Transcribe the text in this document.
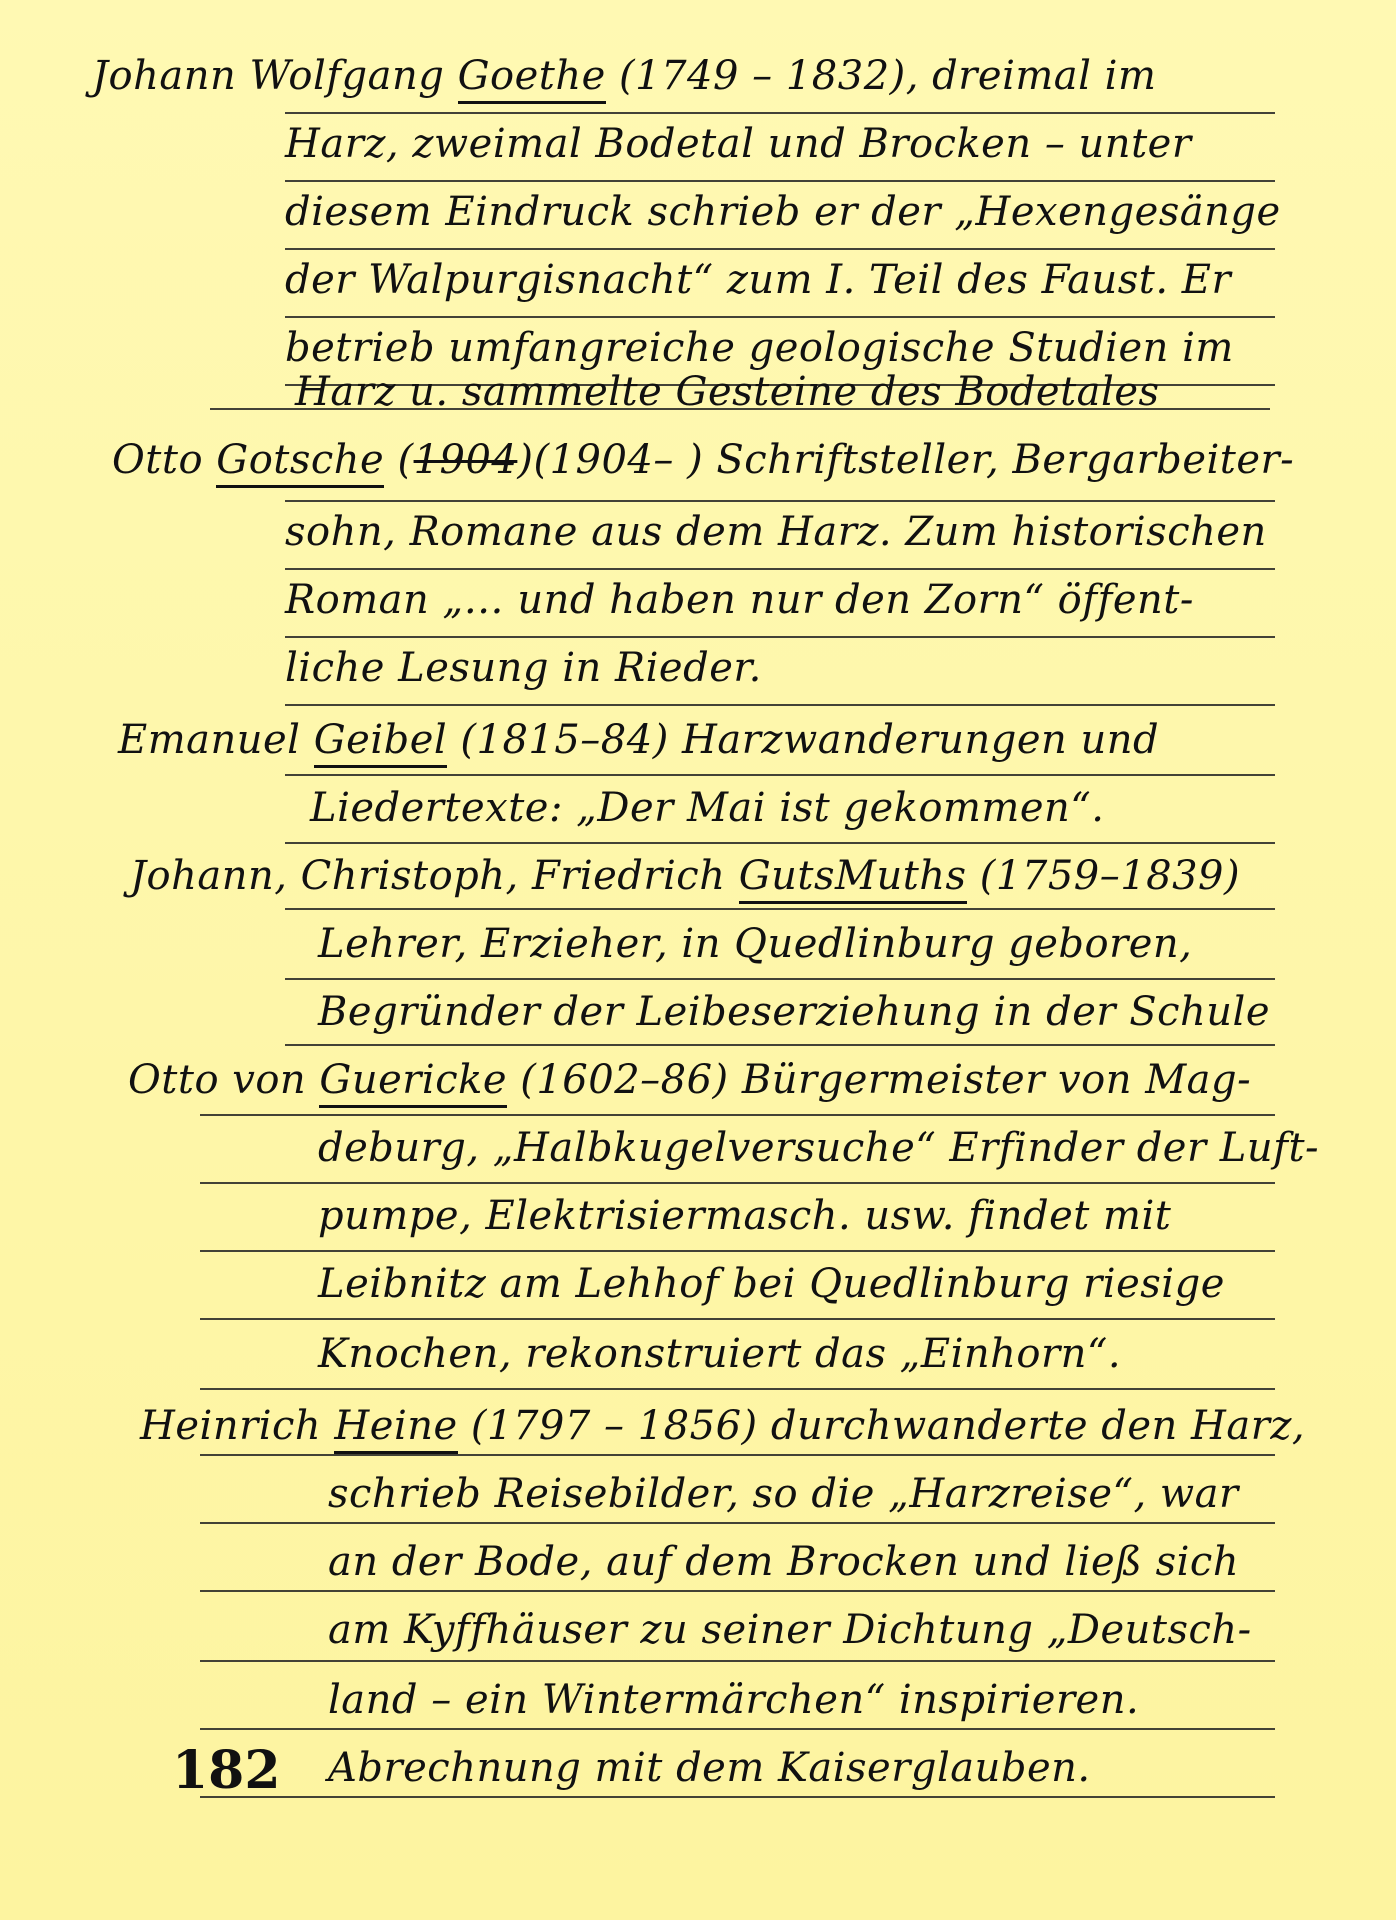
Johann Wolfgang Goethe (1749 – 1832), dreimal im
Harz, zweimal Bodetal und Brocken – unter
diesem Eindruck schrieb er der „Hexengesänge
der Walpurgisnacht“ zum I. Teil des Faust. Er
betrieb umfangreiche geologische Studien im
Harz u. sammelte Gesteine des Bodetales
Otto Gotsche (1904)(1904– ) Schriftsteller, Bergarbeiter-
sohn, Romane aus dem Harz. Zum historischen
Roman „… und haben nur den Zorn“ öffent-
liche Lesung in Rieder.
Emanuel Geibel (1815–84) Harzwanderungen und
Liedertexte: „Der Mai ist gekommen“.
Johann, Christoph, Friedrich GutsMuths (1759–1839)
Lehrer, Erzieher, in Quedlinburg geboren,
Begründer der Leibeserziehung in der Schule
Otto von Guericke (1602–86) Bürgermeister von Mag-
deburg, „Halbkugelversuche“ Erfinder der Luft-
pumpe, Elektrisiermasch. usw. findet mit
Leibnitz am Lehhof bei Quedlinburg riesige
Knochen, rekonstruiert das „Einhorn“.
Heinrich Heine (1797 – 1856) durchwanderte den Harz,
schrieb Reisebilder, so die „Harzreise“, war
an der Bode, auf dem Brocken und ließ sich
am Kyffhäuser zu seiner Dichtung „Deutsch-
land – ein Wintermärchen“ inspirieren.
Abrechnung mit dem Kaiserglauben.
182
